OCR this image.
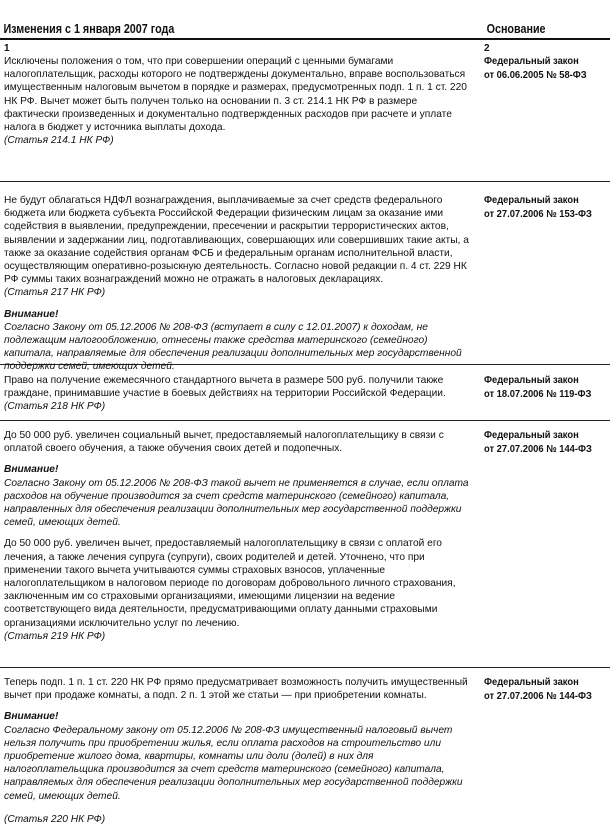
Изменения с 1 января 2007 года	Основание
1

Исключены положения о том, что при совершении операций с ценными бумагами налогоплательщик, расходы которого не подтверждены документально, вправе воспользоваться имущественным налоговым вычетом в порядке и размерах, предусмотренных подп. 1 п. 1 ст. 220 НК РФ. Вычет может быть получен только на основании п. 3 ст. 214.1 НК РФ в размере фактически произведенных и документально подтвержденных расходов при расчете и уплате налога в бюджет у источника выплаты дохода.

(Статья 214.1 НК РФ)

2
Федеральный закон
от 06.06.2005 № 58-ФЗ

Не будут облагаться НДФЛ вознаграждения, выплачиваемые за счет средств федерального бюджета или бюджета субъекта Российской Федерации физическим лицам за оказание ими содействия в выявлении, предупреждении, пресечении и раскрытии террористических актов, выявлении и задержании лиц, подготавливающих, совершающих или совершивших такие акты, а также за оказание содействия органам ФСБ и федеральным органам исполнительной власти, осуществляющим оперативно-розыскную деятельность. Согласно новой редакции п. 4 ст. 229 НК РФ суммы таких вознаграждений можно не отражать в налоговых декларациях.

(Статья 217 НК РФ)

Внимание!

Согласно Закону от 05.12.2006 № 208-ФЗ (вступает в силу с 12.01.2007) к доходам, не подлежащим налогообложению, отнесены также средства материнского (семейного) капитала, направляемые для обеспечения реализации дополнительных мер государственной поддержки семей, имеющих детей.

Федеральный закон
от 27.07.2006 № 153-ФЗ

Право на получение ежемесячного стандартного вычета в размере 500 руб. получили также граждане, принимавшие участие в боевых действиях на территории Российской Федерации.

(Статья 218 НК РФ)

Федеральный закон
от 18.07.2006 № 119-ФЗ

До 50 000 руб. увеличен социальный вычет, предоставляемый налогоплательщику в связи с оплатой своего обучения, а также обучения своих детей и подопечных.

Внимание!

Согласно Закону от 05.12.2006 № 208-ФЗ такой вычет не применяется в случае, если оплата расходов на обучение производится за счет средств материнского (семейного) капитала, направленных для обеспечения реализации дополнительных мер государственной поддержки семей, имеющих детей.

До 50 000 руб. увеличен вычет, предоставляемый налогоплательщику в связи с оплатой его лечения, а также лечения супруга (супруги), своих родителей и детей. Уточнено, что при применении такого вычета учитываются суммы страховых взносов, уплаченные налогоплательщиком в налоговом периоде по договорам добровольного личного страхования, заключенным им со страховыми организациями, имеющими лицензии на ведение соответствующего вида деятельности, предусматривающими оплату данными страховыми организациями исключительно услуг по лечению.

(Статья 219 НК РФ)

Федеральный закон
от 27.07.2006 № 144-ФЗ

Теперь подп. 1 п. 1 ст. 220 НК РФ прямо предусматривает возможность получить имущественный вычет при продаже комнаты, а подп. 2 п. 1 этой же статьи — при приобретении комнаты.

Внимание!

Согласно Федеральному закону от 05.12.2006 № 208-ФЗ имущественный налоговый вычет нельзя получить при приобретении жилья, если оплата расходов на строительство или приобретение жилого дома, квартиры, комнаты или доли (долей) в них для налогоплательщика производится за счет средств материнского (семейного) капитала, направляемых для обеспечения реализации дополнительных мер государственной поддержки семей, имеющих детей.

(Статья 220 НК РФ)

Федеральный закон
от 27.07.2006 № 144-ФЗ
